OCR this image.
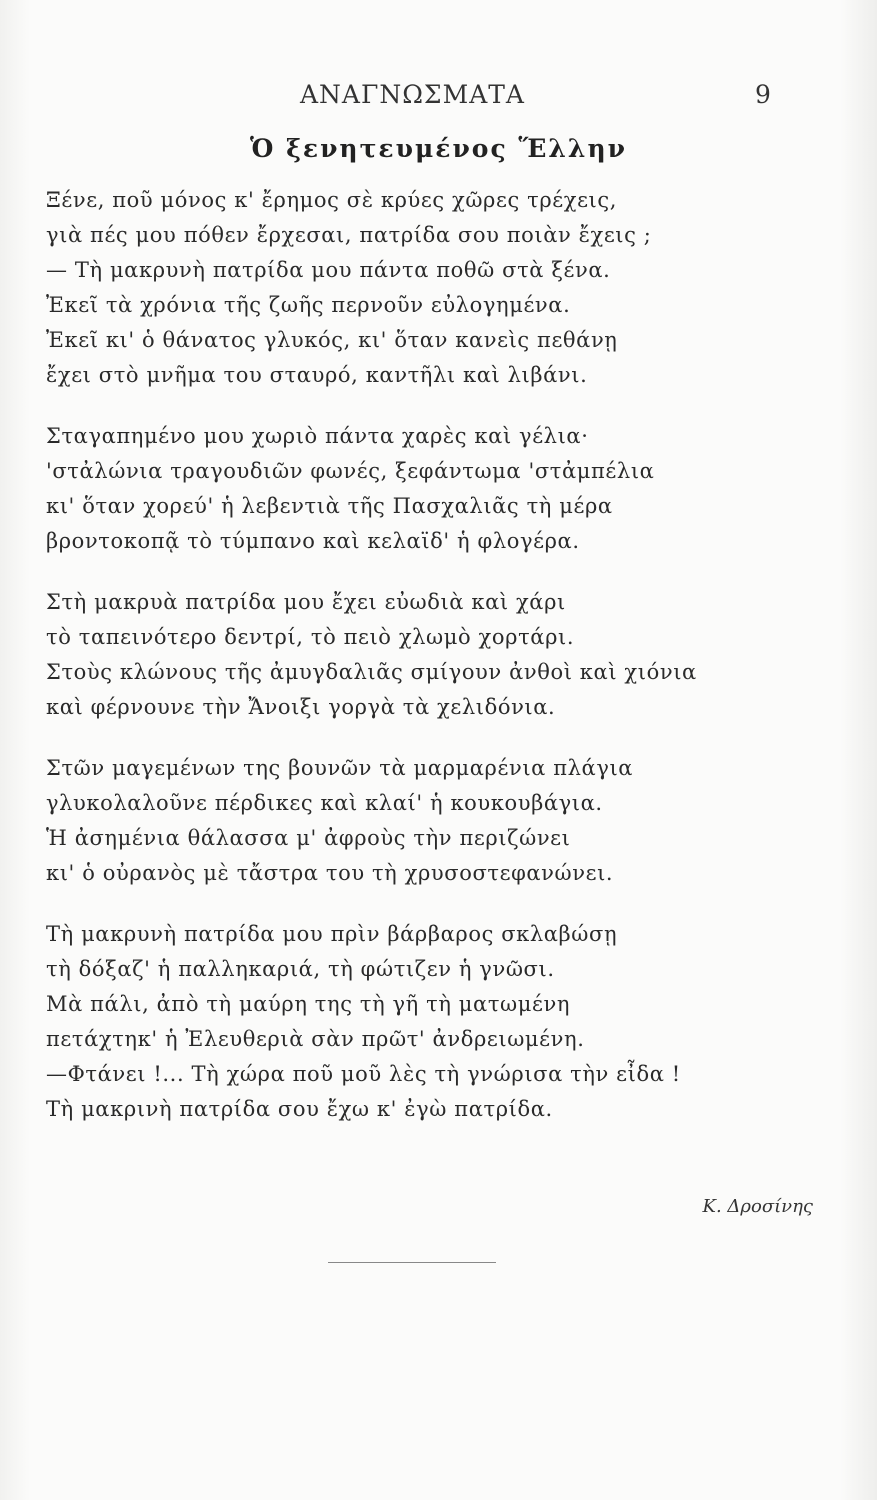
ΑΝΑΓΝΩΣΜΑΤΑ	9
Ὁ ξενητευμένος Ἕλλην
Ξένε, ποῦ μόνος κ' ἔρημος σὲ κρύες χῶρες τρέχεις,
γιὰ πές μου πόθεν ἔρχεσαι, πατρίδα σου ποιὰν ἔχεις ;
— Τὴ μακρυνὴ πατρίδα μου πάντα ποθῶ στὰ ξένα.
Ἐκεῖ τὰ χρόνια τῆς ζωῆς περνοῦν εὐλογημένα.
Ἐκεῖ κι' ὁ θάνατος γλυκός, κι' ὅταν κανεὶς πεθάνῃ
ἔχει στὸ μνῆμα του σταυρό, καντῆλι καὶ λιβάνι.
Σταγαπημένο μου χωριὸ πάντα χαρὲς καὶ γέλια·
'στἀλώνια τραγουδιῶν φωνές, ξεφάντωμα 'στἀμπέλια
κι' ὅταν χορεύ' ἡ λεβεντιὰ τῆς Πασχαλιᾶς τὴ μέρα
βροντοκοπᾷ τὸ τύμπανο καὶ κελαϊδ' ἡ φλογέρα.
Στὴ μακρυὰ πατρίδα μου ἔχει εὐωδιὰ καὶ χάρι
τὸ ταπεινότερο δεντρί, τὸ πειὸ χλωμὸ χορτάρι.
Στοὺς κλώνους τῆς ἀμυγδαλιᾶς σμίγουν ἀνθοὶ καὶ χιόνια
καὶ φέρνουνε τὴν Ἄνοιξι γοργὰ τὰ χελιδόνια.
Στῶν μαγεμένων της βουνῶν τὰ μαρμαρένια πλάγια
γλυκολαλοῦνε πέρδικες καὶ κλαί' ἡ κουκουβάγια.
Ἡ ἀσημένια θάλασσα μ' ἀφροὺς τὴν περιζώνει
κι' ὁ οὐρανὸς μὲ τἄστρα του τὴ χρυσοστεφανώνει.
Τὴ μακρυνὴ πατρίδα μου πρὶν βάρβαρος σκλαβώσῃ
τὴ δόξαζ' ἡ παλληκαριά, τὴ φώτιζεν ἡ γνῶσι.
Μὰ πάλι, ἀπὸ τὴ μαύρη της τὴ γῆ τὴ ματωμένη
πετάχτηκ' ἡ Ἐλευθεριὰ σὰν πρῶτ' ἀνδρειωμένη.
—Φτάνει !... Τὴ χώρα ποῦ μοῦ λὲς τὴ γνώρισα τὴν εἶδα !
Τὴ μακρινὴ πατρίδα σου ἔχω κ' ἐγὼ πατρίδα.
Κ. Δροσίνης
